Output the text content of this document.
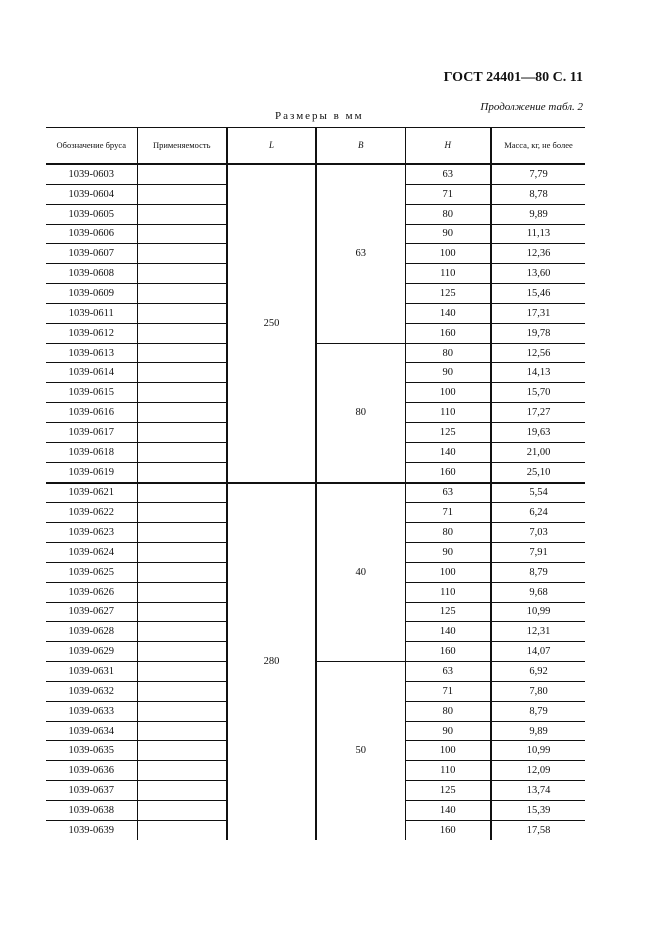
ГОСТ 24401—80 С. 11
Продолжение табл. 2
Размеры в мм
Обозначение бруса	Применяемость	L	B	H	Масса, кг, не более
1039-0603		250	63	63	7,79
1039-0604				71	8,78
1039-0605				80	9,89
1039-0606				90	11,13
1039-0607				100	12,36
1039-0608				110	13,60
1039-0609				125	15,46
1039-0611				140	17,31
1039-0612				160	19,78
1039-0613			80	80	12,56
1039-0614				90	14,13
1039-0615				100	15,70
1039-0616				110	17,27
1039-0617				125	19,63
1039-0618				140	21,00
1039-0619				160	25,10
1039-0621		280	40	63	5,54
1039-0622				71	6,24
1039-0623				80	7,03
1039-0624				90	7,91
1039-0625				100	8,79
1039-0626				110	9,68
1039-0627				125	10,99
1039-0628				140	12,31
1039-0629				160	14,07
1039-0631			50	63	6,92
1039-0632				71	7,80
1039-0633				80	8,79
1039-0634				90	9,89
1039-0635				100	10,99
1039-0636				110	12,09
1039-0637				125	13,74
1039-0638				140	15,39
1039-0639				160	17,58
